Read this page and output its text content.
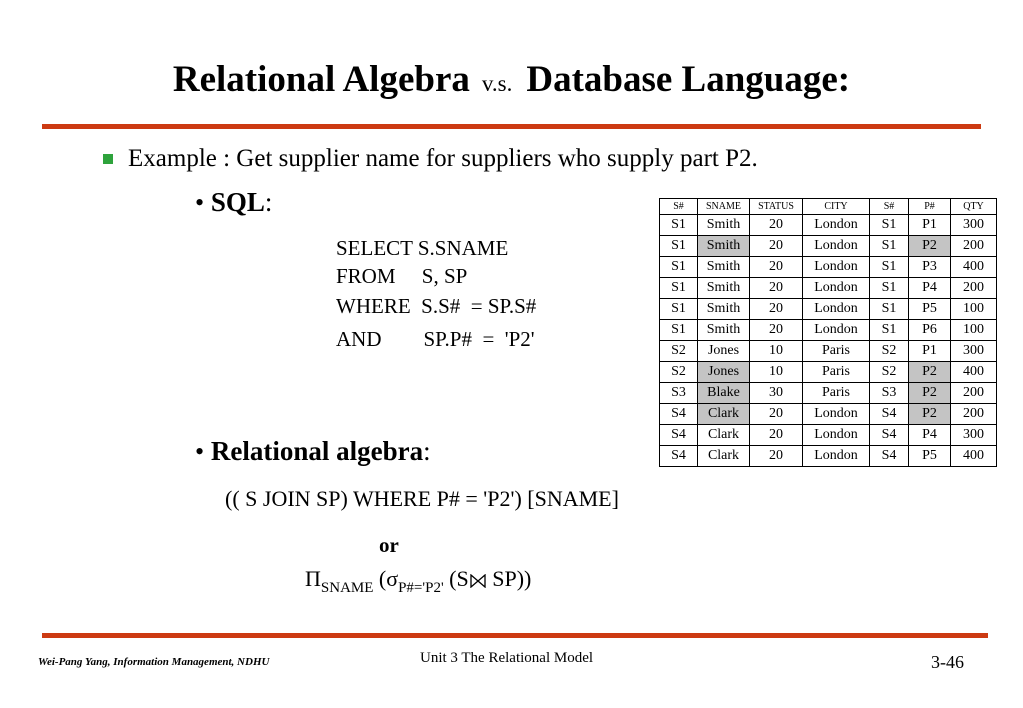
Relational Algebra v.s. Database Language:
Example : Get supplier name for suppliers who supply part P2.
• SQL:
SELECT S.SNAME
FROM     S, SP
WHERE  S.S#  = SP.S#
AND        SP.P#  =  'P2'
S#	SNAME	STATUS	CITY	S#	P#	QTY
S1	Smith	20	London	S1	P1	300
S1	Smith	20	London	S1	P2	200
S1	Smith	20	London	S1	P3	400
S1	Smith	20	London	S1	P4	200
S1	Smith	20	London	S1	P5	100
S1	Smith	20	London	S1	P6	100
S2	Jones	10	Paris	S2	P1	300
S2	Jones	10	Paris	S2	P2	400
S3	Blake	30	Paris	S3	P2	200
S4	Clark	20	London	S4	P2	200
S4	Clark	20	London	S4	P4	300
S4	Clark	20	London	S4	P5	400
• Relational algebra:
(( S JOIN SP) WHERE P# = 'P2') [SNAME]
or
$\Pi_{SNAME}$ ($\sigma_{P\#='P2'}$ (S SP))
Wei-Pang Yang, Information Management, NDHU	Unit 3 The Relational Model	3-46
